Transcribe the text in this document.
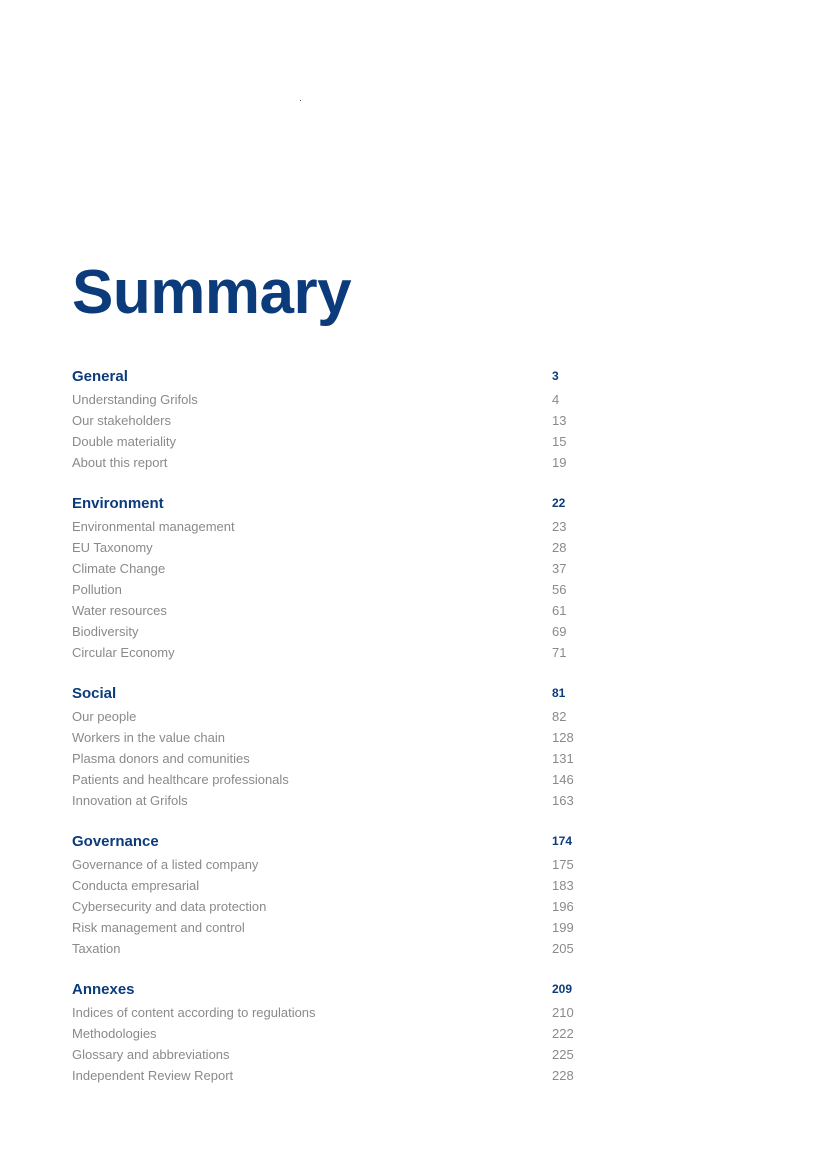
Summary
General	3
Understanding Grifols	4
Our stakeholders	13
Double materiality	15
About this report	19
Environment	22
Environmental management	23
EU Taxonomy	28
Climate Change	37
Pollution	56
Water resources	61
Biodiversity	69
Circular Economy	71
Social	81
Our people	82
Workers in the value chain	128
Plasma donors and comunities	131
Patients and healthcare professionals	146
Innovation at Grifols	163
Governance	174
Governance of a listed company	175
Conducta empresarial	183
Cybersecurity and data protection	196
Risk management and control	199
Taxation	205
Annexes	209
Indices of content according to regulations	210
Methodologies	222
Glossary and abbreviations	225
Independent Review Report	228
